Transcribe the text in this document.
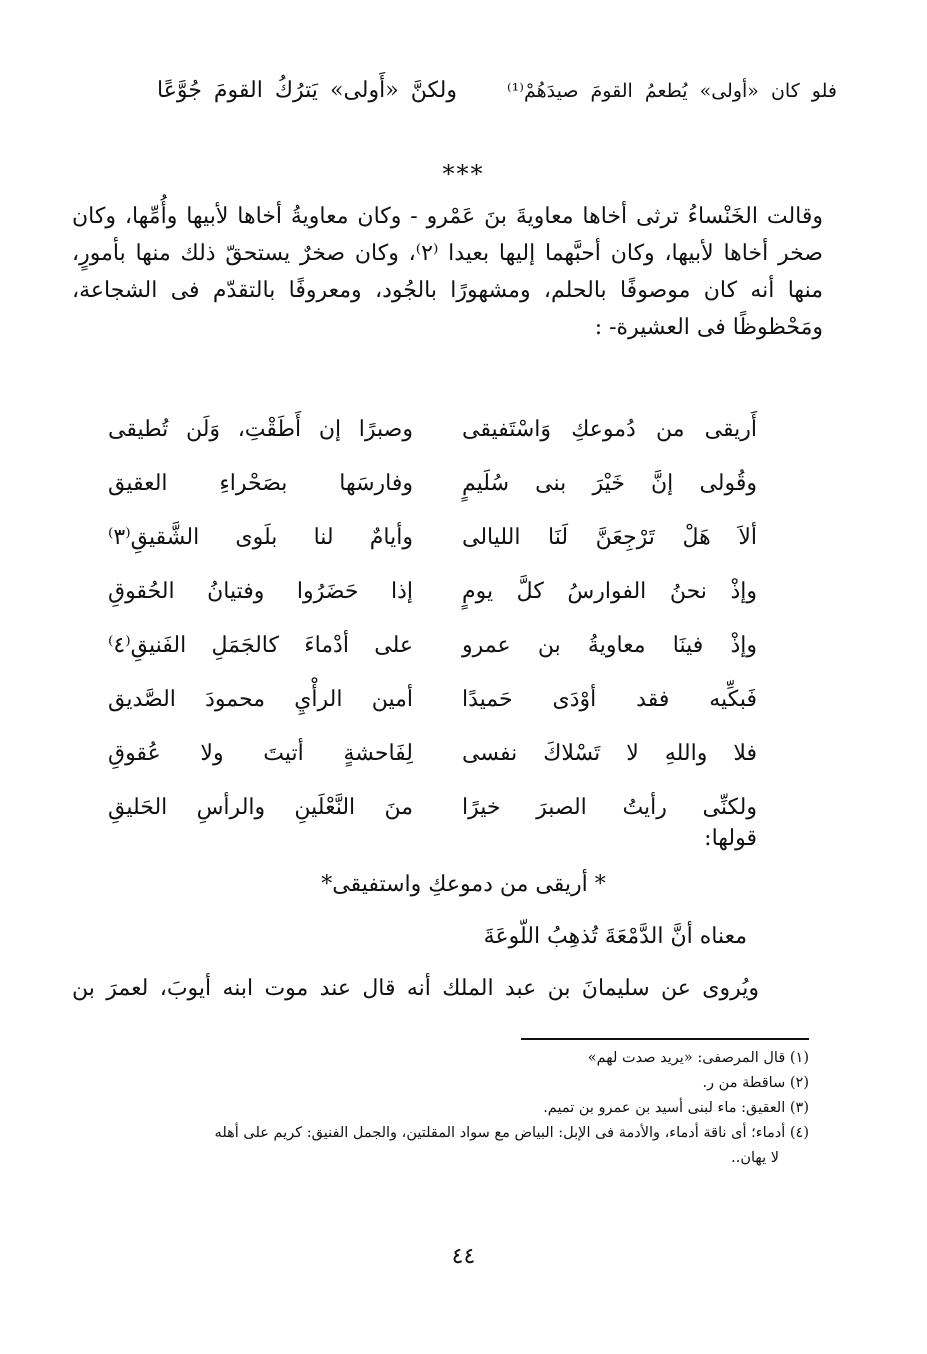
فلو كان «أولى» يُطعمُ القومَ صيدَهُمْ⁽¹⁾
ولكنَّ «أَولى» يَترُكُ القومَ جُوَّعًا
***
وقالت الخَنْساءُ ترثى أخاها معاويةَ بنَ عَمْرو - وكان معاويةُ أخاها لأبيها وأُمِّها، وكان صخر أخاها لأبيها، وكان أحبَّهما إليها بعيدا ⁽٢⁾، وكان صخرٌ يستحقّ ذلك منها بأمورٍ، منها أنه كان موصوفًا بالحلم، ومشهورًا بالجُود، ومعروفًا بالتقدّم فى الشجاعة، ومَحْظوظًا فى العشيرة- :
أَريقى من دُموعكِ وَاسْتَفيقى
وصبرًا إن أَطَقْتِ، وَلَن تُطيقى
وقُولى إنَّ خَيْرَ بنى سُلَيمٍ
وفارسَها بصَحْراءِ العقيق
ألاَ هَلْ تَرْجِعَنَّ لَنَا الليالى
وأيامٌ لنا بلَوى الشَّقيقِ⁽٣⁾
وإذْ نحنُ الفوارسُ كلَّ يومٍ
إذا حَضَرُوا وفتيانُ الحُقوقِ
وإذْ فينَا معاويةُ بن عمرو
على أدْماءَ كالجَمَلِ الفَنيقِ⁽٤⁾
فَبكِّيه فقد أوْدَى حَميدًا
أمين الرأْيِ محمودَ الصَّديق
فلا واللهِ لا تَسْلاكَ نفسى
لِفَاحشةٍ أتيتَ ولا عُقوقِ
ولكنِّى رأيتُ الصبرَ خيرًا
منَ النَّعْلَينِ والرأسِ الحَليقِ
قولها:
* أريقى من دموعكِ واستفيقى*
معناه أنَّ الدَّمْعَةَ تُذهِبُ اللّوعَةَ
ويُروى عن سليمانَ بن عبد الملك أنه قال عند موت ابنه أيوبَ، لعمرَ بن
(١) قال المرصفى: «يريد صدت لهم»
(٢) ساقطة من ر.
(٣) العقيق: ماء لبنى أسيد بن عمرو بن تميم.
(٤) أدماء؛ أى ناقة أدماء، والأدمة فى الإبل: البياض مع سواد المقلتين، والجمل الفنيق: كريم على أهله
لا يهان..
٤٤
